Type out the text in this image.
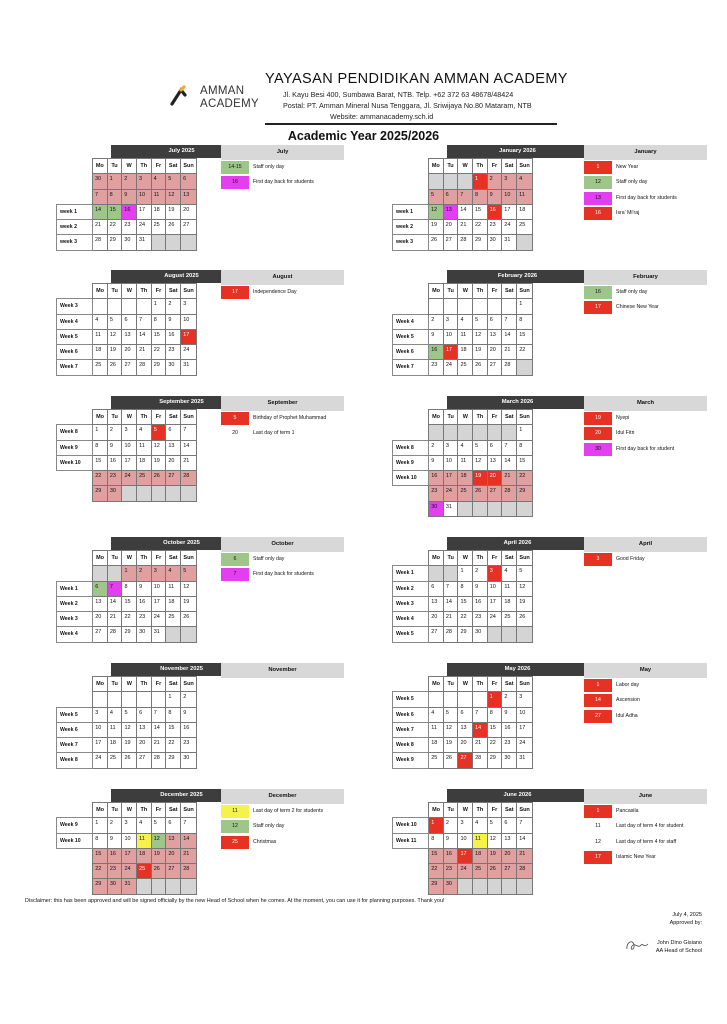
AMMAN
ACADEMY
YAYASAN PENDIDIKAN AMMAN ACADEMY
Jl. Kayu Besi 400, Sumbawa Barat, NTB. Telp. +62 372 63 48678/48424
Postal: PT. Amman Mineral Nusa Tenggara, Jl. Sriwijaya No.80 Mataram, NTB
Website: ammanacademy.sch.id
Academic Year 2025/2026
July 2025
	Mo	Tu	W	Th	Fr	Sat	Sun
	30	1	2	3	4	5	6
	7	8	9	10	11	12	13
week 1	14	15	16	17	18	19	20
week 2	21	22	23	24	25	26	27
week 3	28	29	30	31			
January 2026
	Mo	Tu	W	Th	Fr	Sat	Sun
				1	2	3	4
	5	6	7	8	9	10	11
week 1	12	13	14	15	16	17	18
week 2	19	20	21	22	23	24	25
week 3	26	27	28	29	30	31	
August 2025
	Mo	Tu	W	Th	Fr	Sat	Sun
Week 3					1	2	3
Week 4	4	5	6	7	8	9	10
Week 5	11	12	13	14	15	16	17
Week 6	18	19	20	21	22	23	24
Week 7	25	26	27	28	29	30	31
February 2026
	Mo	Tu	W	Th	Fr	Sat	Sun
							1
Week 4	2	3	4	5	6	7	8
Week 5	9	10	11	12	13	14	15
Week 6	16	17	18	19	20	21	22
Week 7	23	24	25	26	27	28	
September 2025
	Mo	Tu	W	Th	Fr	Sat	Sun
Week 8	1	2	3	4	5	6	7
Week 9	8	9	10	11	12	13	14
Week 10	15	16	17	18	19	20	21
	22	23	24	25	26	27	28
	29	30					
March 2026
	Mo	Tu	W	Th	Fr	Sat	Sun
							1
Week 8	2	3	4	5	6	7	8
Week 9	9	10	11	12	13	14	15
Week 10	16	17	18	19	20	21	22
	23	24	25	26	27	28	29
	30	31					
October 2025
	Mo	Tu	W	Th	Fr	Sat	Sun
			1	2	3	4	5
Week 1	6	7	8	9	10	11	12
Week 2	13	14	15	16	17	18	19
Week 3	20	21	22	23	24	25	26
Week 4	27	28	29	30	31		
April 2026
	Mo	Tu	W	Th	Fr	Sat	Sun
Week 1			1	2	3	4	5
Week 2	6	7	8	9	10	11	12
Week 3	13	14	15	16	17	18	19
Week 4	20	21	22	23	24	25	26
Week 5	27	28	29	30			
November 2025
	Mo	Tu	W	Th	Fr	Sat	Sun
						1	2
Week 5	3	4	5	6	7	8	9
Week 6	10	11	12	13	14	15	16
Week 7	17	18	19	20	21	22	23
Week 8	24	25	26	27	28	29	30
May 2026
	Mo	Tu	W	Th	Fr	Sat	Sun
Week 5					1	2	3
Week 6	4	5	6	7	8	9	10
Week 7	11	12	13	14	15	16	17
Week 8	18	19	20	21	22	23	24
Week 9	25	26	27	28	29	30	31
December 2025
	Mo	Tu	W	Th	Fr	Sat	Sun
Week 9	1	2	3	4	5	6	7
Week 10	8	9	10	11	12	13	14
	15	16	17	18	19	20	21
	22	23	24	25	26	27	28
	29	30	31				
June 2026
	Mo	Tu	W	Th	Fr	Sat	Sun
Week 10	1	2	3	4	5	6	7
Week 11	8	9	10	11	12	13	14
	15	16	17	18	19	20	21
	22	23	24	25	26	27	28
	29	30					
July
14-15	Staff only day
16	First day back for students
January
1	New Year
12	Staff only day
13	First day back for students
16	Isra' Mi'raj
August
17	Independence Day
February
16	Staff only day
17	Chinese New Year
September
5	Birthday of Prophet Muhammad
20	Last day of term 1
March
19	Nyepi
20	Idul Fitri
30	First day back for student
October
6	Staff only day
7	First day back for students
April
3	Good Friday
November	May
1	Labor day
14	Ascension
27	Idul Adha
December
11	Last day of term 2 for students
12	Staff only day
25	Christmas
June
1	Pancasila
11	Last day of term 4 for student
12	Last day of term 4 for staff
17	Islamic New Year
Disclaimer: this has been approved and will be signed officially by the new Head of School when he comes. At the moment, you can use it for planning purposes. Thank you!
July 4, 2025
Approved by:
John Dino Gisiano
AA Head of School
